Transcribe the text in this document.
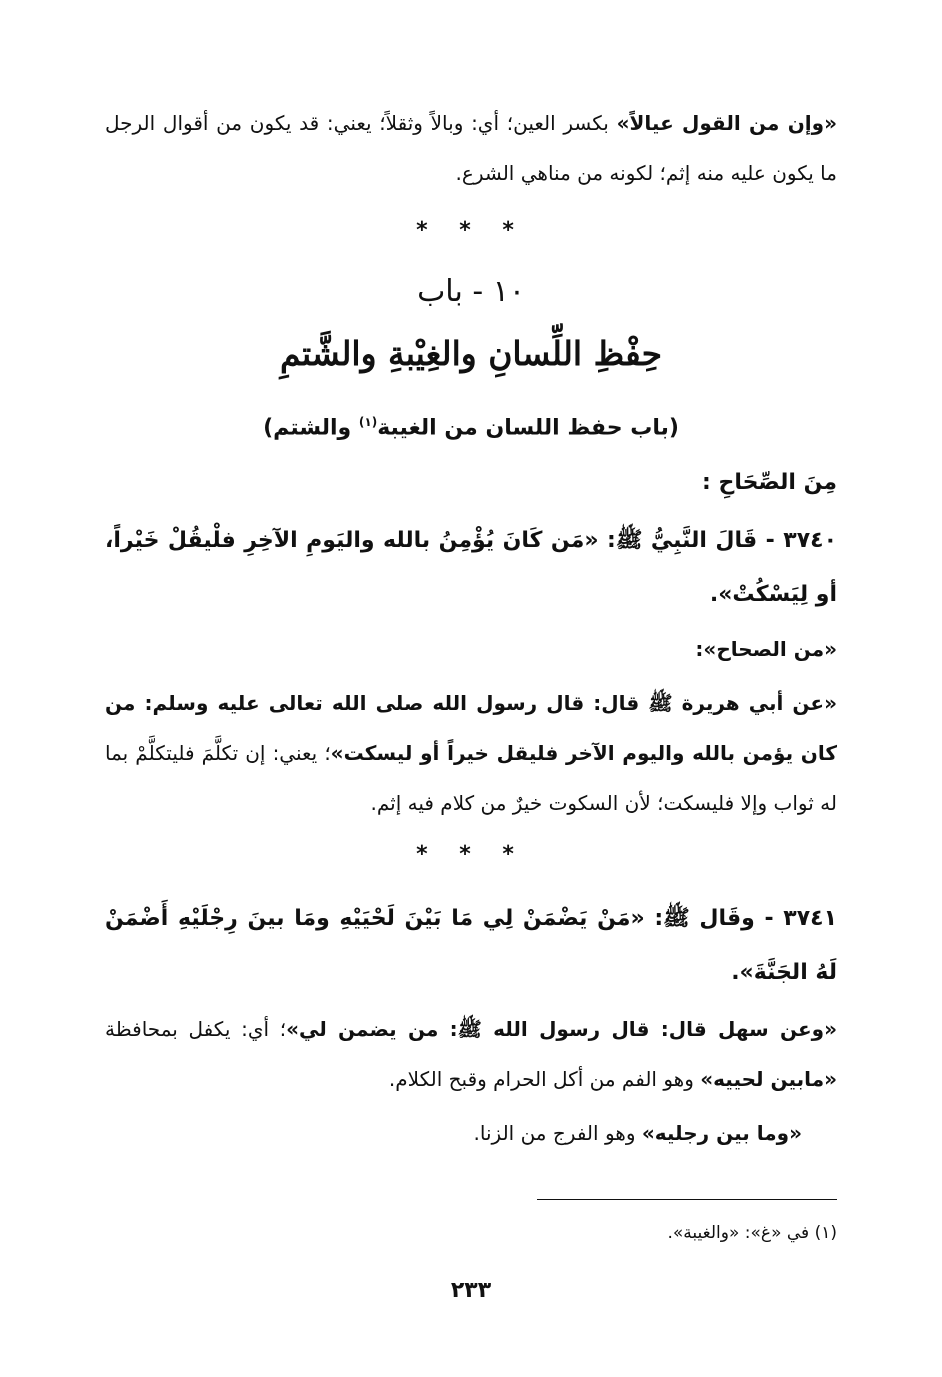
«وإن من القول عيالاً» بكسر العين؛ أي: وبالاً وثقلاً؛ يعني: قد يكون من أقوال الرجل ما يكون عليه منه إثم؛ لكونه من مناهي الشرع.

* * *
١٠ - باب
حِفْظِ اللِّسانِ والغِيْبةِ والشَّتمِ
(باب حفظ اللسان من الغيبة$^{(١)}$ والشتم)

مِنَ الصِّحَاحِ :

٣٧٤٠ - قَالَ النَّبِيُّ ﷺ: «مَن كَانَ يُؤْمِنُ بالله واليَومِ الآخِرِ فلْيقُلْ خَيْراً، أو لِيَسْكُتْ».

«من الصحاح»:

«عن أبي هريرة ﷺ قال: قال رسول الله صلى الله تعالى عليه وسلم: من كان يؤمن بالله واليوم الآخر فليقل خيراً أو ليسكت»؛ يعني: إن تكلَّمَ فليتكلَّمْ بما له ثواب وإلا فليسكت؛ لأن السكوت خيرٌ من كلام فيه إثم.

* * *

٣٧٤١ - وقَال ﷺ: «مَنْ يَضْمَنْ لِي مَا بَيْنَ لَحْيَيْهِ ومَا بينَ رِجْلَيْهِ أَضْمَنْ لَهُ الجَنَّةَ».

«وعن سهل قال: قال رسول الله ﷺ: من يضمن لي»؛ أي: يكفل بمحافظة «مابين لحييه» وهو الفم من أكل الحرام وقبح الكلام.

«وما بين رجليه» وهو الفرج من الزنا.

(١) في «غ»: «والغيبة».
٢٣٣
